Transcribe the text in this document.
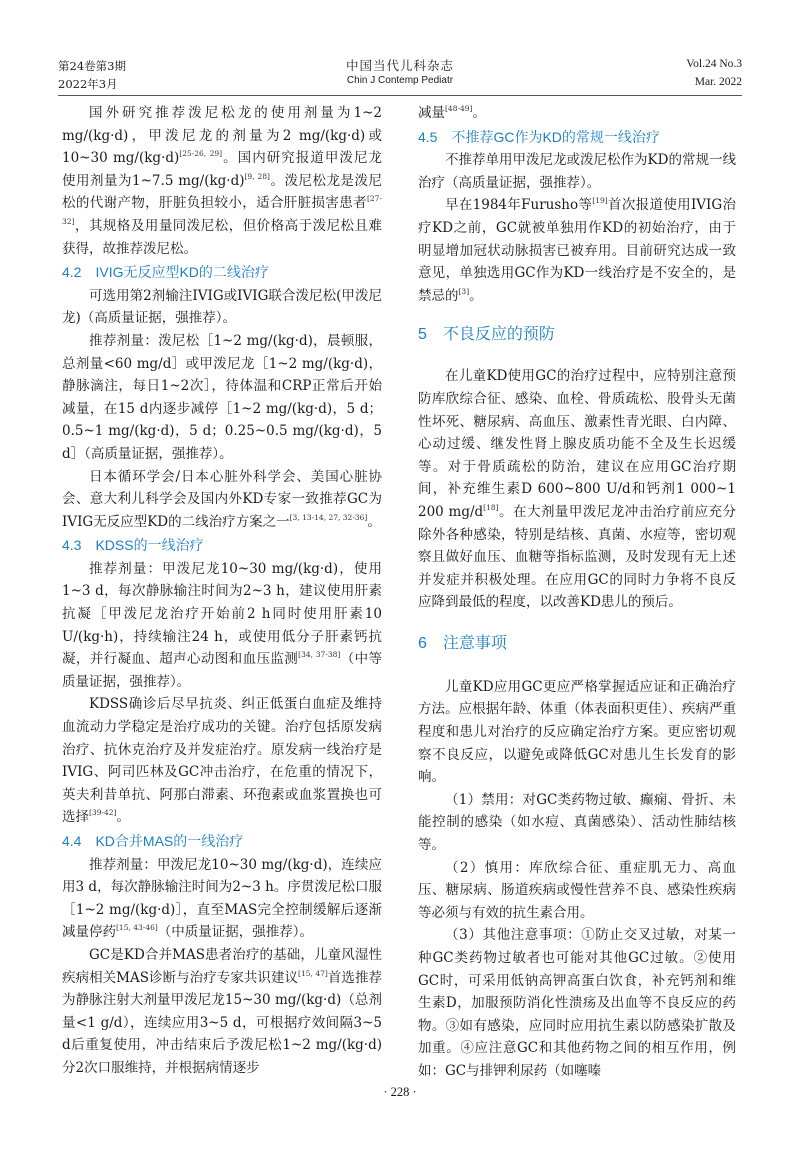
第24卷第3期
2022年3月
中国当代儿科杂志
Chin J Contemp Pediatr
Vol.24 No.3
Mar. 2022

国外研究推荐泼尼松龙的使用剂量为1~2 mg/(kg·d)，甲泼尼龙的剂量为2 mg/(kg·d)或10~30 mg/(kg·d)[25-26, 29]。国内研究报道甲泼尼龙使用剂量为1~7.5 mg/(kg·d)[9, 28]。泼尼松龙是泼尼松的代谢产物，肝脏负担较小，适合肝脏损害患者[27-32]，其规格及用量同泼尼松，但价格高于泼尼松且难获得，故推荐泼尼松。

4.2　IVIG无反应型KD的二线治疗

可选用第2剂输注IVIG或IVIG联合泼尼松(甲泼尼龙)（高质量证据，强推荐）。

推荐剂量：泼尼松［1~2 mg/(kg·d)，晨顿服，总剂量<60 mg/d］或甲泼尼龙［1~2 mg/(kg·d)，静脉滴注，每日1~2次］，待体温和CRP正常后开始减量，在15 d内逐步减停［1~2 mg/(kg·d)，5 d；0.5~1 mg/(kg·d)，5 d；0.25~0.5 mg/(kg·d)，5 d］（高质量证据，强推荐）。

日本循环学会/日本心脏外科学会、美国心脏协会、意大利儿科学会及国内外KD专家一致推荐GC为IVIG无反应型KD的二线治疗方案之一[3, 13-14, 27, 32-36]。

4.3　KDSS的一线治疗

推荐剂量：甲泼尼龙10~30 mg/(kg·d)，使用1~3 d，每次静脉输注时间为2~3 h，建议使用肝素抗凝［甲泼尼龙治疗开始前2 h同时使用肝素10 U/(kg·h)，持续输注24 h，或使用低分子肝素钙抗凝，并行凝血、超声心动图和血压监测[34, 37-38]（中等质量证据，强推荐）。

KDSS确诊后尽早抗炎、纠正低蛋白血症及维持血流动力学稳定是治疗成功的关键。治疗包括原发病治疗、抗休克治疗及并发症治疗。原发病一线治疗是IVIG、阿司匹林及GC冲击治疗，在危重的情况下，英夫利昔单抗、阿那白滞素、环孢素或血浆置换也可选择[39-42]。

4.4　KD合并MAS的一线治疗

推荐剂量：甲泼尼龙10~30 mg/(kg·d)，连续应用3 d，每次静脉输注时间为2~3 h。序贯泼尼松口服［1~2 mg/(kg·d)］，直至MAS完全控制缓解后逐渐减量停药[15, 43-46]（中质量证据，强推荐）。

GC是KD合并MAS患者治疗的基础，儿童风湿性疾病相关MAS诊断与治疗专家共识建议[15, 47]首选推荐为静脉注射大剂量甲泼尼龙15~30 mg/(kg·d)（总剂量<1 g/d），连续应用3~5 d，可根据疗效间隔3~5 d后重复使用，冲击结束后予泼尼松1~2 mg/(kg·d)分2次口服维持，并根据病情逐步

减量[48-49]。

4.5　不推荐GC作为KD的常规一线治疗

不推荐单用甲泼尼龙或泼尼松作为KD的常规一线治疗（高质量证据，强推荐）。

早在1984年Furusho等[19]首次报道使用IVIG治疗KD之前，GC就被单独用作KD的初始治疗，由于明显增加冠状动脉损害已被弃用。目前研究达成一致意见，单独选用GC作为KD一线治疗是不安全的，是禁忌的[3]。

5　不良反应的预防

在儿童KD使用GC的治疗过程中，应特别注意预防库欣综合征、感染、血栓、骨质疏松、股骨头无菌性坏死、糖尿病、高血压、激素性青光眼、白内障、心动过缓、继发性肾上腺皮质功能不全及生长迟缓等。对于骨质疏松的防治，建议在应用GC治疗期间，补充维生素D 600~800 U/d和钙剂1 000~1 200 mg/d[18]。在大剂量甲泼尼龙冲击治疗前应充分除外各种感染，特别是结核、真菌、水痘等，密切观察且做好血压、血糖等指标监测，及时发现有无上述并发症并积极处理。在应用GC的同时力争将不良反应降到最低的程度，以改善KD患儿的预后。

6　注意事项

儿童KD应用GC更应严格掌握适应证和正确治疗方法。应根据年龄、体重（体表面积更佳）、疾病严重程度和患儿对治疗的反应确定治疗方案。更应密切观察不良反应，以避免或降低GC对患儿生长发育的影响。

（1）禁用：对GC类药物过敏、癫痫、骨折、未能控制的感染（如水痘、真菌感染）、活动性肺结核等。

（2）慎用：库欣综合征、重症肌无力、高血压、糖尿病、肠道疾病或慢性营养不良、感染性疾病等必须与有效的抗生素合用。

（3）其他注意事项：①防止交叉过敏，对某一种GC类药物过敏者也可能对其他GC过敏。②使用GC时，可采用低钠高钾高蛋白饮食，补充钙剂和维生素D，加服预防消化性溃疡及出血等不良反应的药物。③如有感染，应同时应用抗生素以防感染扩散及加重。④应注意GC和其他药物之间的相互作用，例如：GC与排钾利尿药（如噻嗪

· 228 ·
